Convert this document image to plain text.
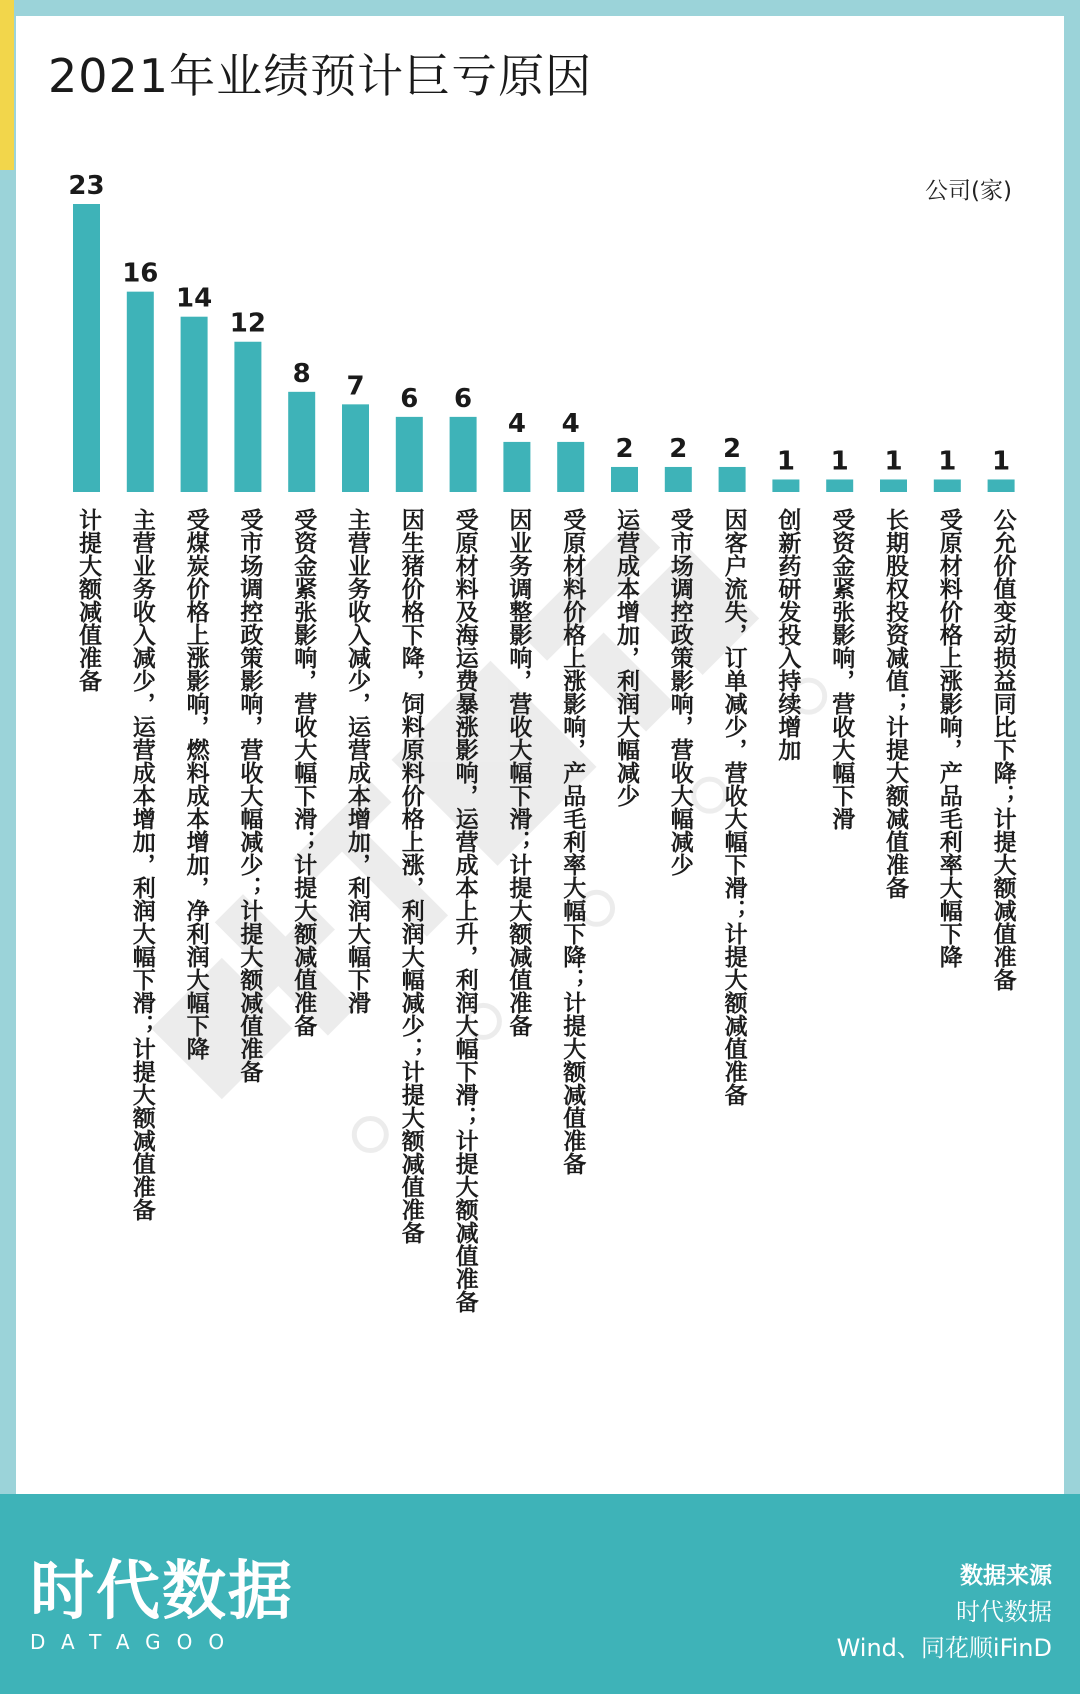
2021年业绩预计巨亏原因
公司(家)
23
16
14
12
8 7 6 6
4 4
2 2 2 1 1 1 1 1
计提大额减值准备 主营业务收入减少，运营成本增加，利润大幅下滑；计提大额减值准备 受煤炭价格上涨影响，燃料成本增加，净利润大幅下降 受市场调控政策影响，营收大幅减少；计提大额减值准备 受资金紧张影响，营收大幅下滑；计提大额减值准备 主营业务收入减少，运营成本增加，利润大幅下滑 因生猪价格下降，饲料原料价格上涨，利润大幅减少；计提大额减值准备 受原材料及海运费暴涨影响，运营成本上升，利润大幅下滑；计提大额减值准备 因业务调整影响，营收大幅下滑；计提大额减值准备 受原材料价格上涨影响，产品毛利率大幅下降；计提大额减值准备 运营成本增加，利润大幅减少 受市场调控政策影响，营收大幅减少 因客户流失，订单减少，营收大幅下滑；计提大额减值准备 创新药研发投入持续增加 受资金紧张影响，营收大幅下滑 长期股权投资减值；计提大额减值准备 受原材料价格上涨影响，产品毛利率大幅下降 公允价值变动损益同比下降；计提大额减值准备
时代数据
DATAGOO
数据来源
时代数据
Wind、同花顺iFinD
